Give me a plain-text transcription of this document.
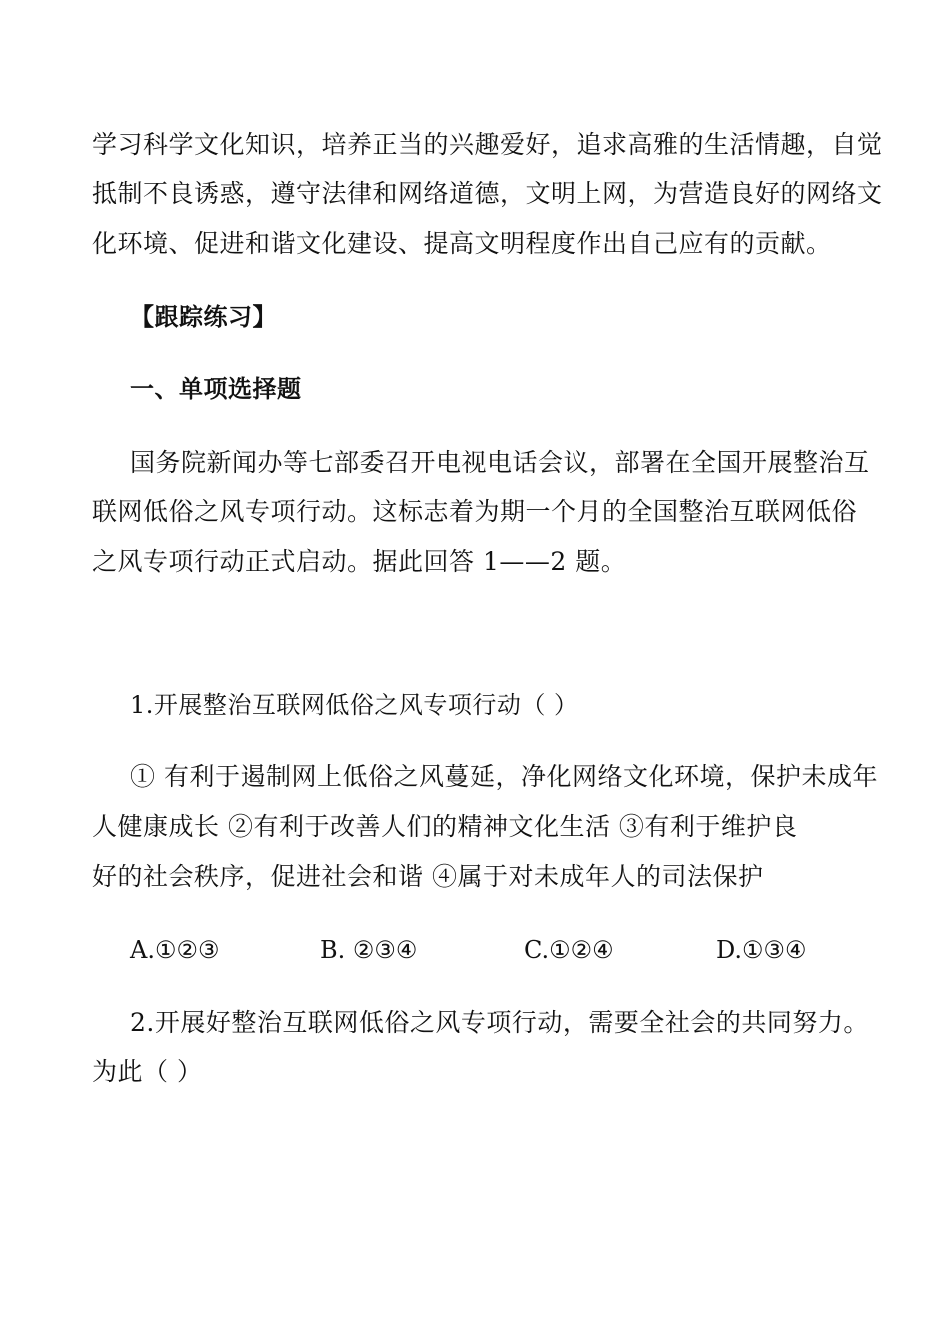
学习科学文化知识，培养正当的兴趣爱好，追求高雅的生活情趣，自觉
抵制不良诱惑，遵守法律和网络道德，文明上网，为营造良好的网络文
化环境、促进和谐文化建设、提高文明程度作出自己应有的贡献。
【跟踪练习】
一、单项选择题
国务院新闻办等七部委召开电视电话会议，部署在全国开展整治互
联网低俗之风专项行动。这标志着为期一个月的全国整治互联网低俗
之风专项行动正式启动。据此回答 1——2 题。
1.开展整治互联网低俗之风专项行动（ ）
① 有利于遏制网上低俗之风蔓延，净化网络文化环境，保护未成年
人健康成长 ②有利于改善人们的精神文化生活 ③有利于维护良
好的社会秩序，促进社会和谐 ④属于对未成年人的司法保护
A.①②③	B. ②③④	C.①②④	D.①③④
2.开展好整治互联网低俗之风专项行动，需要全社会的共同努力。
为此（ ）
